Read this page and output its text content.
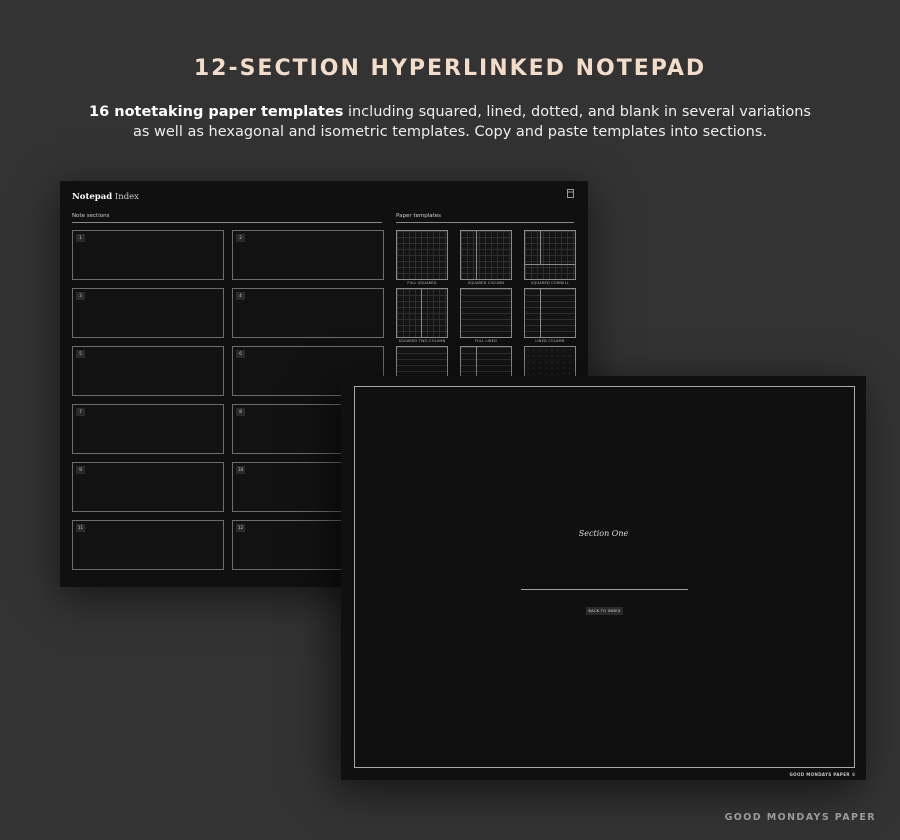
12-SECTION HYPERLINKED NOTEPAD
16 notetaking paper templates including squared, lined, dotted, and blank in several variations
as well as hexagonal and isometric templates. Copy and paste templates into sections.
Notepad Index
Note sections	Paper templates
1	2
3	4
5	6
7	8
9	10
11	12
FULL SQUARED	SQUARED COLUMN	SQUARED CORNELL
SQUARED TWO-COLUMN	FULL LINED	LINED COLUMN
Section One
BACK TO INDEX
GOOD MONDAYS PAPER ©
GOOD MONDAYS PAPER
